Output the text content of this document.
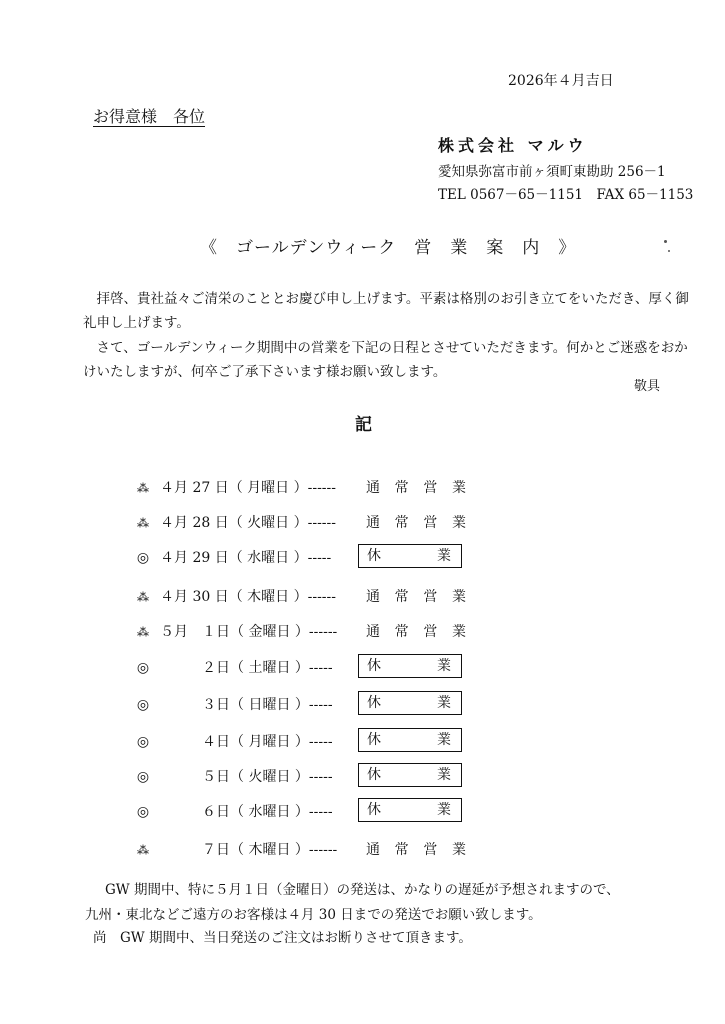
2026年４月吉日
お得意様　各位
株式会社 マルウ
愛知県弥富市前ヶ須町東勘助 256－1
TEL 0567－65－1151　FAX 65－1153
《　ゴールデンウィーク　営　業　案　内　》
拝啓、貴社益々ご清栄のこととお慶び申し上げます。平素は格別のお引き立てをいただき、厚く御礼申し上げます。
さて、ゴールデンウィーク期間中の営業を下記の日程とさせていただきます。何かとご迷惑をおかけいたしますが、何卒ご了承下さいます様お願い致します。
敬具
記
⁂ ４月 27 日（ 月曜日 ）------ 通 常 営 業
⁂ ４月 28 日（ 火曜日 ）------ 通 常 営 業
◎ ４月 29 日（ 水曜日 ）-----	休	業
⁂ ４月 30 日（ 木曜日 ）------ 通 常 営 業
⁂ ５月　１日（ 金曜日 ）------ 通 常 営 業
◎ 　　　２日（ 土曜日 ）----- 休	業
◎ 　　　３日（ 日曜日 ）----- 休	業
◎ 　　　４日（ 月曜日 ）----- 休	業
◎ 　　　５日（ 火曜日 ）----- 休	業
◎ 　　　６日（ 水曜日 ）----- 休	業
⁂ 　　　７日（ 木曜日 ）------ 通 常 営 業
GW 期間中、特に５月１日（金曜日）の発送は、かなりの遅延が予想されますので、
九州・東北などご遠方のお客様は４月 30 日までの発送でお願い致します。
尚　GW 期間中、当日発送のご注文はお断りさせて頂きます。
